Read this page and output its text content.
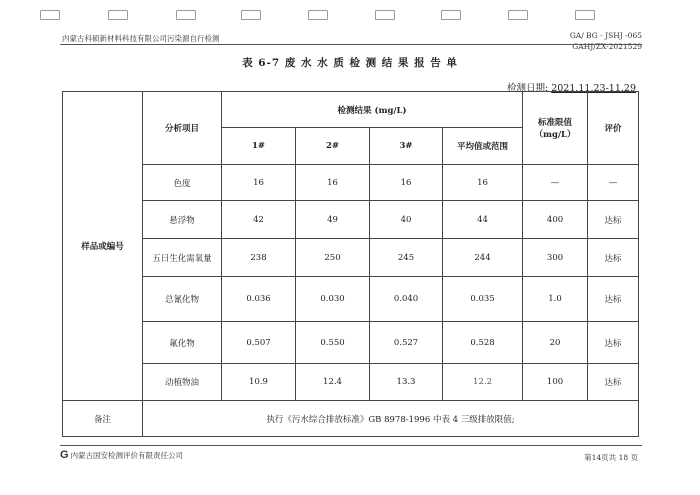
内蒙古科硕新材料科技有限公司污染源自行检测	GA/ BG - JSHJ -065
GAHJ/ZX-2021529
表 6-7 废 水 水 质 检 测 结 果 报 告 单
检测日期: 2021.11.23-11.29
样品或编号	分析项目	检测结果 (mg/L)				标准限值
（mg/L）	评价
		1#	2#	3#	平均值或范围		
	色度	16	16	16	16	—	—
	悬浮物	42	49	40	44	400	达标
	五日生化需氧量	238	250	245	244	300	达标
	总氰化物	0.036	0.030	0.040	0.035	1.0	达标
	氟化物	0.507	0.550	0.527	0.528	20	达标
	动植物油	10.9	12.4	13.3	12.2	100	达标
备注	执行《污水综合排放标准》GB 8978-1996 中表 4 三级排放限值;						
G 内蒙古国安检测评价有限责任公司	第14页共 18 页
